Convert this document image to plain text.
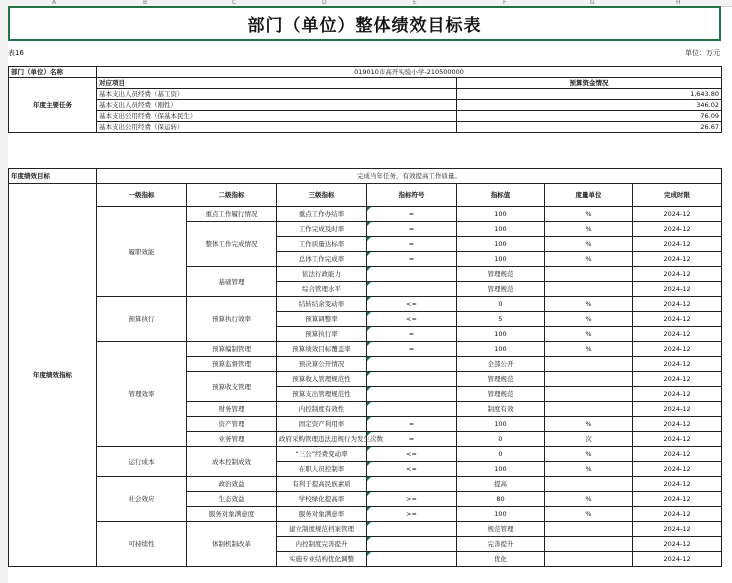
A	B	C	D	E	F	G	H
部门（单位）整体绩效目标表
表16	单位：万元
部门（单位）名称	019010市高开实验小学-210500000	
年度主要任务	对应项目	预算资金情况
	基本支出人员经费（基工资）	1,643.80
	基本支出人员经费（刚性）	346.02
	基本支出公用经费（保基本民生）	76.09
	基本支出公用经费（保运转）	26.67
年度绩效目标	完成当年任务，有效提高工作质量。						
年度绩效指标	一级指标	二级指标	三级指标	指标符号	指标值	度量单位	完成时限
	履职效能	重点工作履行情况	重点工作办结率	=	100	%	2024-12
		整体工作完成情况	工作完成及时率	=	100	%	2024-12
			工作质量达标率	=	100	%	2024-12
			总体工作完成率	=	100	%	2024-12
		基础管理	依法行政能力		管理规范		2024-12
			综合管理水平		管理规范		2024-12
	预算执行	预算执行效率	结转结余变动率	<=	0	%	2024-12
			预算调整率	<=	5	%	2024-12
			预算执行率	=	100	%	2024-12
	管理效率	预算编制管理	预算绩效目标覆盖率	=	100	%	2024-12
		预算监督管理	预决算公开情况		全部公开		2024-12
		预算收支管理	预算收入管理规范性		管理规范		2024-12
			预算支出管理规范性		管理规范		2024-12
		财务管理	内控制度有效性		制度有效		2024-12
		资产管理	固定资产利用率	=	100	%	2024-12
		业务管理	政府采购管理违法违规行为发生次数	=	0	次	2024-12
	运行成本	成本控制成效	“三公”经费变动率	<=	0	%	2024-12
			在职人员控制率	<=	100	%	2024-12
	社会效应	政治效益	有利于提高民族素质		提高		2024-12
		生态效益	学校绿化提高率	>=	80	%	2024-12
		服务对象满意度	服务对象满意率	>=	100	%	2024-12
	可持续性	体制机制改革	建立制度规范档案管理		规范管理		2024-12
			内控制度完善提升		完善提升		2024-12
			实施专业结构优化调整		优化		2024-12
